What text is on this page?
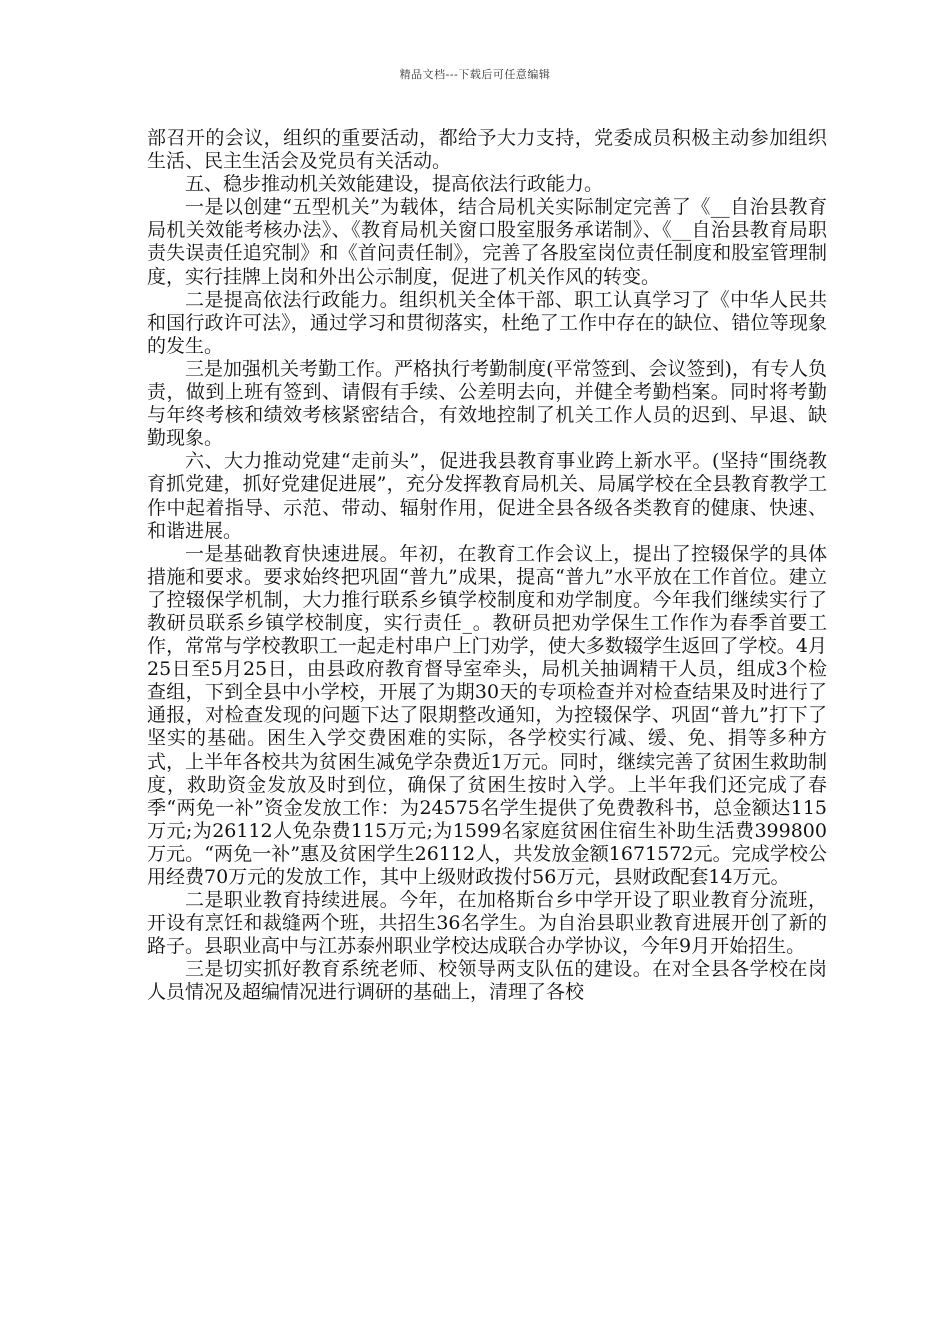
精品文档---下载后可任意编辑

部召开的会议，组织的重要活动，都给予大力支持，党委成员积极主动参加组织生活、民主生活会及党员有关活动。

五、稳步推动机关效能建设，提高依法行政能力。

一是以创建“五型机关”为载体，结合局机关实际制定完善了《__自治县教育局机关效能考核办法》、《教育局机关窗口股室服务承诺制》、《__自治县教育局职责失误责任追究制》和《首问责任制》，完善了各股室岗位责任制度和股室管理制度，实行挂牌上岗和外出公示制度，促进了机关作风的转变。

二是提高依法行政能力。组织机关全体干部、职工认真学习了《中华人民共和国行政许可法》，通过学习和贯彻落实，杜绝了工作中存在的缺位、错位等现象的发生。

三是加强机关考勤工作。严格执行考勤制度(平常签到、会议签到)，有专人负责，做到上班有签到、请假有手续、公差明去向，并健全考勤档案。同时将考勤与年终考核和绩效考核紧密结合，有效地控制了机关工作人员的迟到、早退、缺勤现象。

六、大力推动党建“走前头”，促进我县教育事业跨上新水平。(坚持“围绕教育抓党建，抓好党建促进展”，充分发挥教育局机关、局属学校在全县教育教学工作中起着指导、示范、带动、辐射作用，促进全县各级各类教育的健康、快速、和谐进展。

一是基础教育快速进展。年初，在教育工作会议上，提出了控辍保学的具体措施和要求。要求始终把巩固“普九”成果，提高“普九”水平放在工作首位。建立了控辍保学机制，大力推行联系乡镇学校制度和劝学制度。今年我们继续实行了教研员联系乡镇学校制度，实行责任_。教研员把劝学保生工作作为春季首要工作，常常与学校教职工一起走村串户上门劝学，使大多数辍学生返回了学校。4月25日至5月25日，由县政府教育督导室牵头，局机关抽调精干人员，组成3个检查组，下到全县中小学校，开展了为期30天的专项检查并对检查结果及时进行了通报，对检查发现的问题下达了限期整改通知，为控辍保学、巩固“普九”打下了坚实的基础。困生入学交费困难的实际，各学校实行减、缓、免、捐等多种方式，上半年各校共为贫困生减免学杂费近1万元。同时，继续完善了贫困生救助制度，救助资金发放及时到位，确保了贫困生按时入学。上半年我们还完成了春季“两免一补”资金发放工作：为24575名学生提供了免费教科书，总金额达115万元;为26112人免杂费115万元;为1599名家庭贫困住宿生补助生活费399800万元。“两免一补”惠及贫困学生26112人，共发放金额1671572元。完成学校公用经费70万元的发放工作，其中上级财政拨付56万元，县财政配套14万元。

二是职业教育持续进展。今年，在加格斯台乡中学开设了职业教育分流班，开设有烹饪和裁缝两个班，共招生36名学生。为自治县职业教育进展开创了新的路子。县职业高中与江苏泰州职业学校达成联合办学协议，今年9月开始招生。

三是切实抓好教育系统老师、校领导两支队伍的建设。在对全县各学校在岗人员情况及超编情况进行调研的基础上，清理了各校
